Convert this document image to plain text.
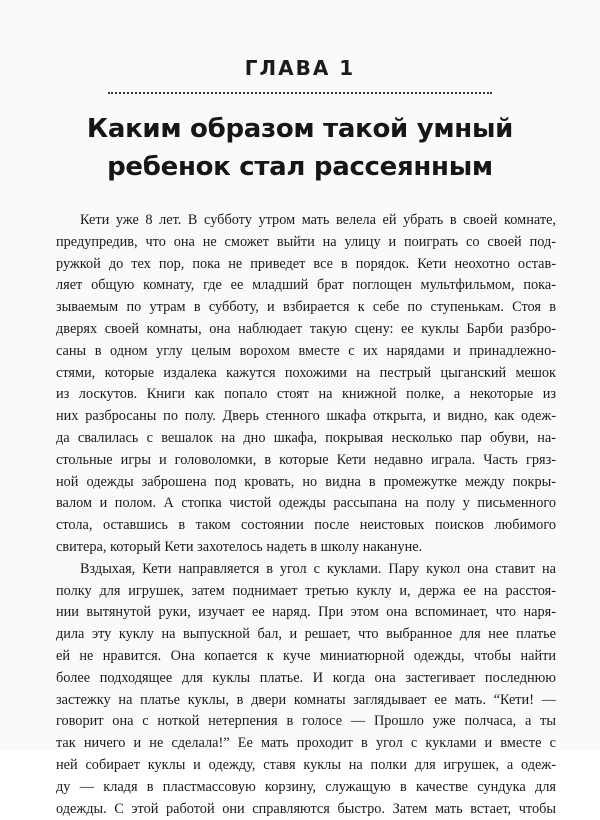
ГЛАВА 1
Каким образом такой умный
ребенок стал рассеянным
Кети уже 8 лет. В субботу утром мать велела ей убрать в своей комнате,
предупредив, что она не сможет выйти на улицу и поиграть со своей под-
ружкой до тех пор, пока не приведет все в порядок. Кети неохотно остав-
ляет общую комнату, где ее младший брат поглощен мультфильмом, пока-
зываемым по утрам в субботу, и взбирается к себе по ступенькам. Стоя в
дверях своей комнаты, она наблюдает такую сцену: ее куклы Барби разбро-
саны в одном углу целым ворохом вместе с их нарядами и принадлежно-
стями, которые издалека кажутся похожими на пестрый цыганский мешок
из лоскутов. Книги как попало стоят на книжной полке, а некоторые из
них разбросаны по полу. Дверь стенного шкафа открыта, и видно, как одеж-
да свалилась с вешалок на дно шкафа, покрывая несколько пар обуви, на-
стольные игры и головоломки, в которые Кети недавно играла. Часть гряз-
ной одежды заброшена под кровать, но видна в промежутке между покры-
валом и полом. А стопка чистой одежды рассыпана на полу у письменного
стола, оставшись в таком состоянии после неистовых поисков любимого
свитера, который Кети захотелось надеть в школу накануне.
Вздыхая, Кети направляется в угол с куклами. Пару кукол она ставит на
полку для игрушек, затем поднимает третью куклу и, держа ее на расстоя-
нии вытянутой руки, изучает ее наряд. При этом она вспоминает, что наря-
дила эту куклу на выпускной бал, и решает, что выбранное для нее платье
ей не нравится. Она копается к куче миниатюрной одежды, чтобы найти
более подходящее для куклы платье. И когда она застегивает последнюю
застежку на платье куклы, в двери комнаты заглядывает ее мать. “Кети! —
говорит она с ноткой нетерпения в голосе — Прошло уже полчаса, а ты
так ничего и не сделала!” Ее мать проходит в угол с куклами и вместе с
ней собирает куклы и одежду, ставя куклы на полки для игрушек, а одеж-
ду — кладя в пластмассовую корзину, служащую в качестве сундука для
одежды. С этой работой они справляются быстро. Затем мать встает, чтобы
